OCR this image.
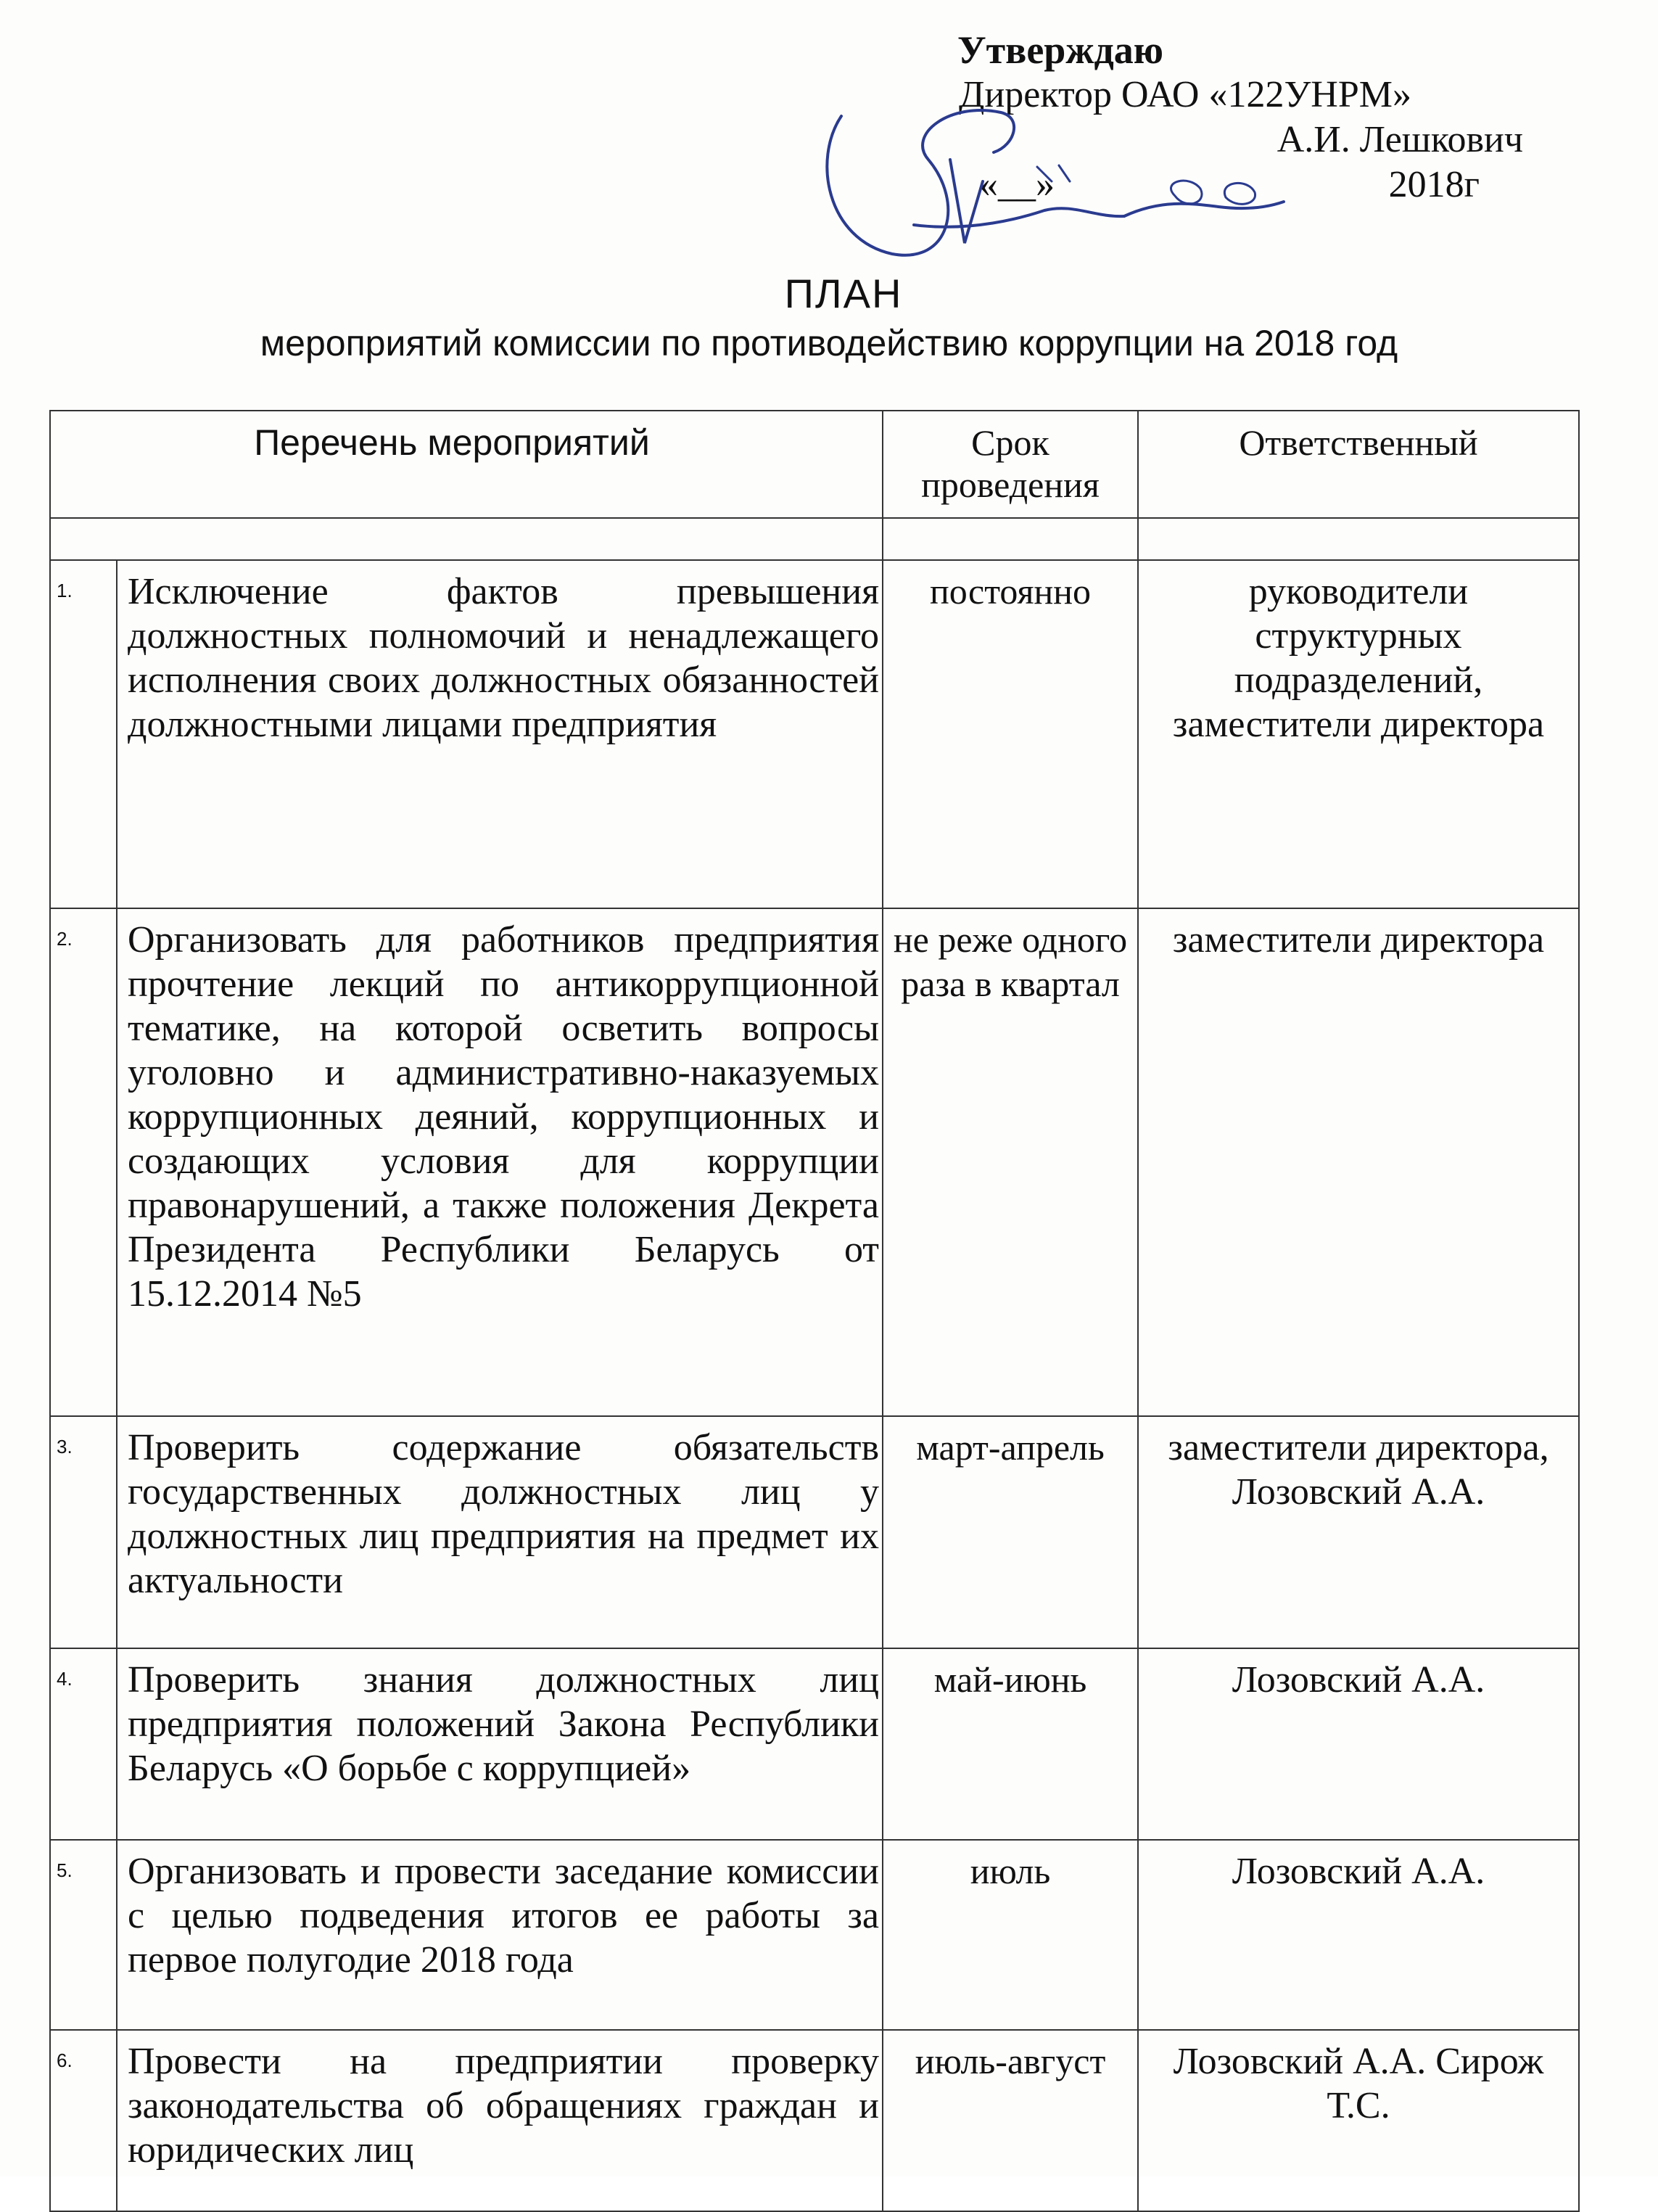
Утверждаю
Директор ОАО «122УНРМ»
А.И. Лешкович
«__»	2018г
ПЛАН
мероприятий комиссии по противодействию коррупции на 2018 год
Перечень мероприятий		Срок проведения	Ответственный

1.	Исключение фактов превышения должностных полномочий и ненадлежащего исполнения своих должностных обязанностей должностными лицами предприятия	постоянно	руководители структурных подразделений, заместители директора
2.	Организовать для работников предприятия прочтение лекций по антикоррупционной тематике, на которой осветить вопросы уголовно и административно-наказуемых коррупционных деяний, коррупционных и создающих условия для коррупции правонарушений, а также положения Декрета Президента Республики Беларусь от 15.12.2014 №5	не реже одного раза в квартал	заместители директора
3.	Проверить содержание обязательств государственных должностных лиц у должностных лиц предприятия на предмет их актуальности	март-апрель	заместители директора, Лозовский А.А.
4.	Проверить знания должностных лиц предприятия положений Закона Республики Беларусь «О борьбе с коррупцией»	май-июнь	Лозовский А.А.
5.	Организовать и провести заседание комиссии с целью подведения итогов ее работы за первое полугодие 2018 года	июль	Лозовский А.А.
6.	Провести на предприятии проверку законодательства об обращениях граждан и юридических лиц	июль-август	Лозовский А.А. Сирож Т.С.
